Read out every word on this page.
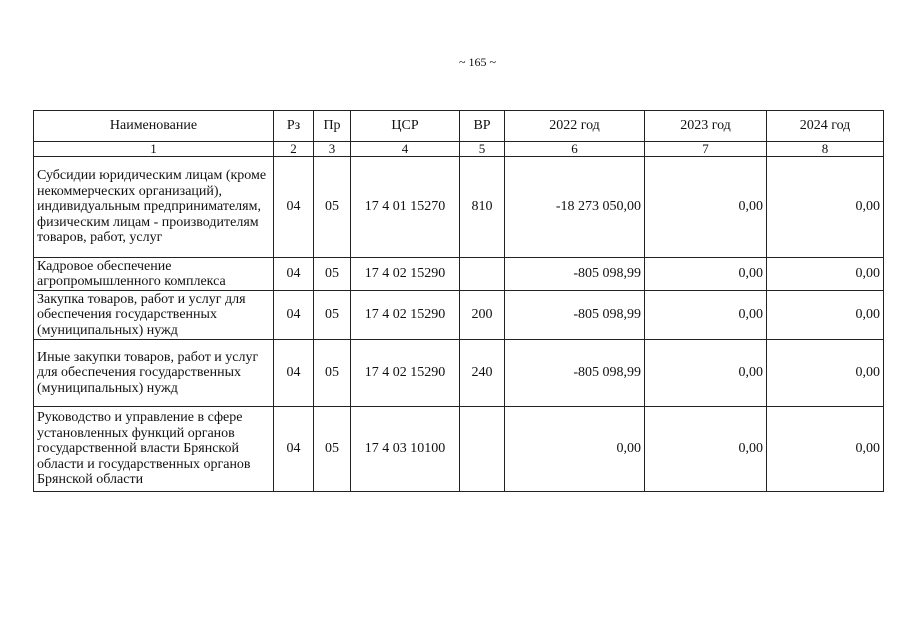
~ 165 ~
Наименование	Рз	Пр	ЦСР	ВР	2022 год	2023 год	2024 год
1	2	3	4	5	6	7	8
Субсидии юридическим лицам (кроме некоммерческих организаций), индивидуальным предпринимателям, физическим лицам - производителям товаров, работ, услуг	04	05	17 4 01 15270	810	-18 273 050,00	0,00	0,00
Кадровое обеспечение агропромышленного комплекса	04	05	17 4 02 15290		-805 098,99	0,00	0,00
Закупка товаров, работ и услуг для обеспечения государственных (муниципальных) нужд	04	05	17 4 02 15290	200	-805 098,99	0,00	0,00
Иные закупки товаров, работ и услуг для обеспечения государственных (муниципальных) нужд	04	05	17 4 02 15290	240	-805 098,99	0,00	0,00
Руководство и управление в сфере установленных функций органов государственной власти Брянской области и государственных органов Брянской области	04	05	17 4 03 10100		0,00	0,00	0,00
